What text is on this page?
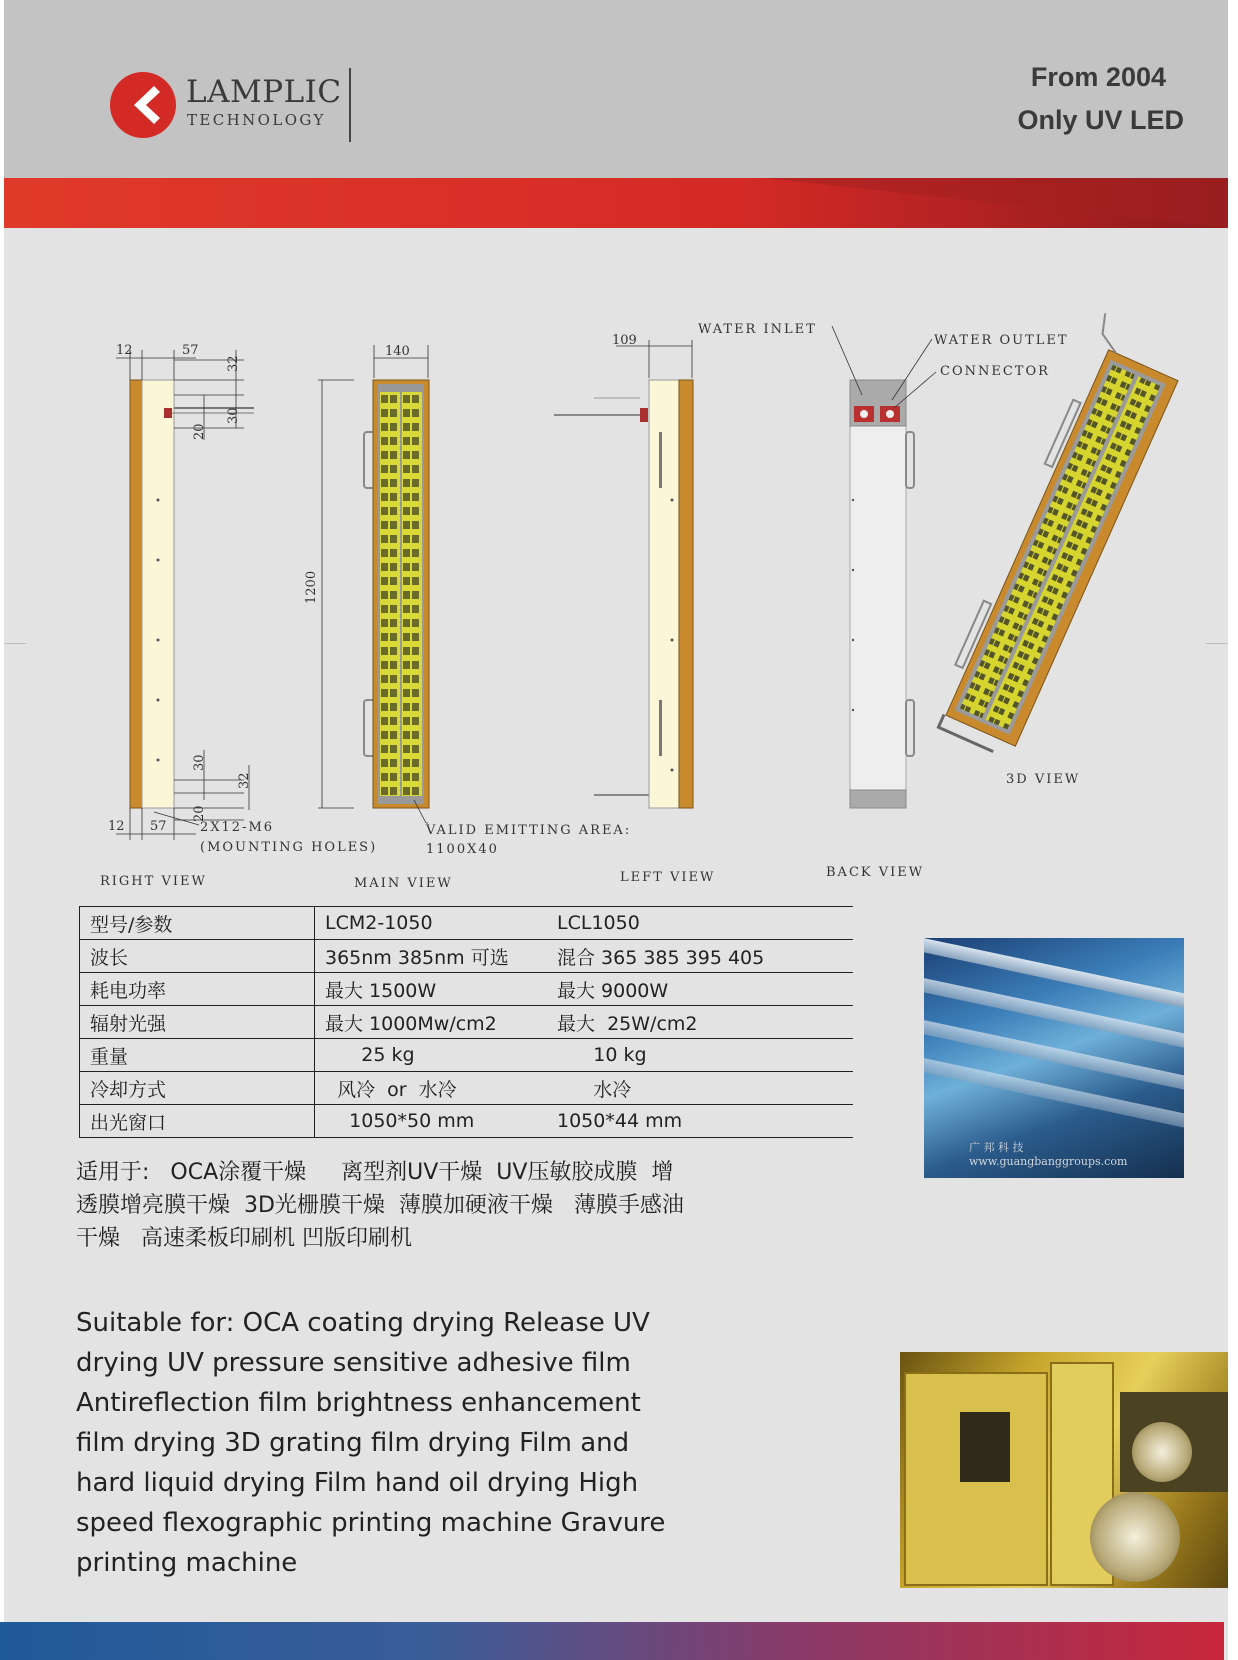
LAMPLIC
TECHNOLOGY
From 2004
Only UV LED
12	57
32
30
20
30
32
20
12 57	2X12-M6
(MOUNTING HOLES)
RIGHT VIEW
140
1200
VALID EMITTING AREA:
1100X40
MAIN VIEW
109
LEFT VIEW
WATER INLET
WATER OUTLET
CONNECTOR
BACK VIEW
3D VIEW
型号/参数	LCM2-1050	LCL1050
波长	365nm 385nm 可选	混合 365 385 395 405
耗电功率	最大 1500W	最大 9000W
辐射光强	最大 1000Mw/cm2	最大  25W/cm2
重量	25 kg	10 kg
冷却方式	风冷  or  水冷	水冷
出光窗口	1050*50 mm	1050*44 mm
适用于:   OCA涂覆干燥     离型剂UV干燥  UV压敏胶成膜  增透膜增亮膜干燥  3D光栅膜干燥  薄膜加硬液干燥   薄膜手感油干燥   高速柔板印刷机 凹版印刷机
Suitable for: OCA coating drying Release UV drying UV pressure sensitive adhesive film Antireflection film brightness enhancement film drying 3D grating film drying Film and hard liquid drying Film hand oil drying High speed flexographic printing machine Gravure printing machine
广 邦 科 技 www.guangbanggroups.com
